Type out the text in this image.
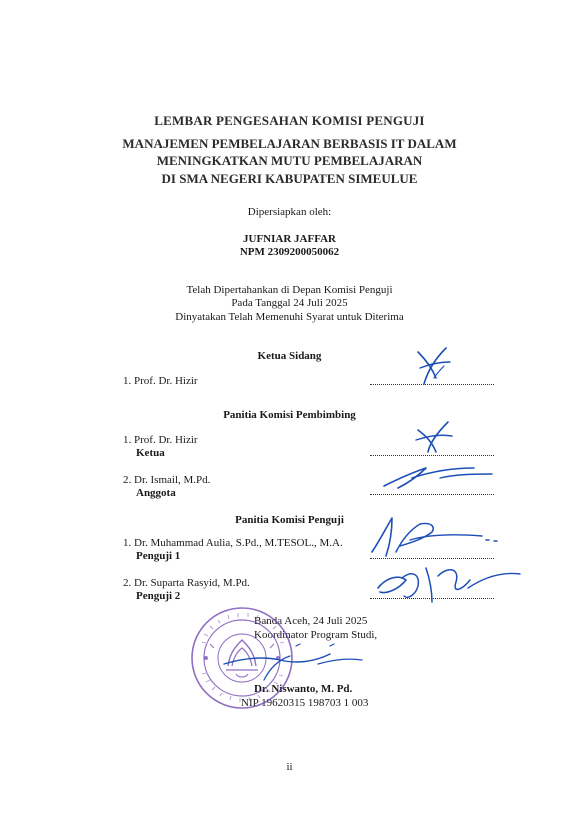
LEMBAR PENGESAHAN KOMISI PENGUJI
MANAJEMEN PEMBELAJARAN BERBASIS IT DALAM
MENINGKATKAN MUTU PEMBELAJARAN
DI SMA NEGERI KABUPATEN SIMEULUE
Dipersiapkan oleh:
JUFNIAR JAFFAR
NPM 2309200050062
Telah Dipertahankan di Depan Komisi Penguji
Pada Tanggal 24 Juli 2025
Dinyatakan Telah Memenuhi Syarat untuk Diterima
Ketua Sidang
1. Prof. Dr. Hizir
Panitia Komisi Pembimbing
1. Prof. Dr. Hizir
Ketua
2. Dr. Ismail, M.Pd.
Anggota
Panitia Komisi Penguji
1. Dr. Muhammad Aulia, S.Pd., M.TESOL., M.A.
Penguji 1
2. Dr. Suparta Rasyid, M.Pd.
Penguji 2
Banda Aceh, 24 Juli 2025
Koordinator Program Studi,
Dr. Niswanto, M. Pd.
NIP 19620315 198703 1 003
ii
